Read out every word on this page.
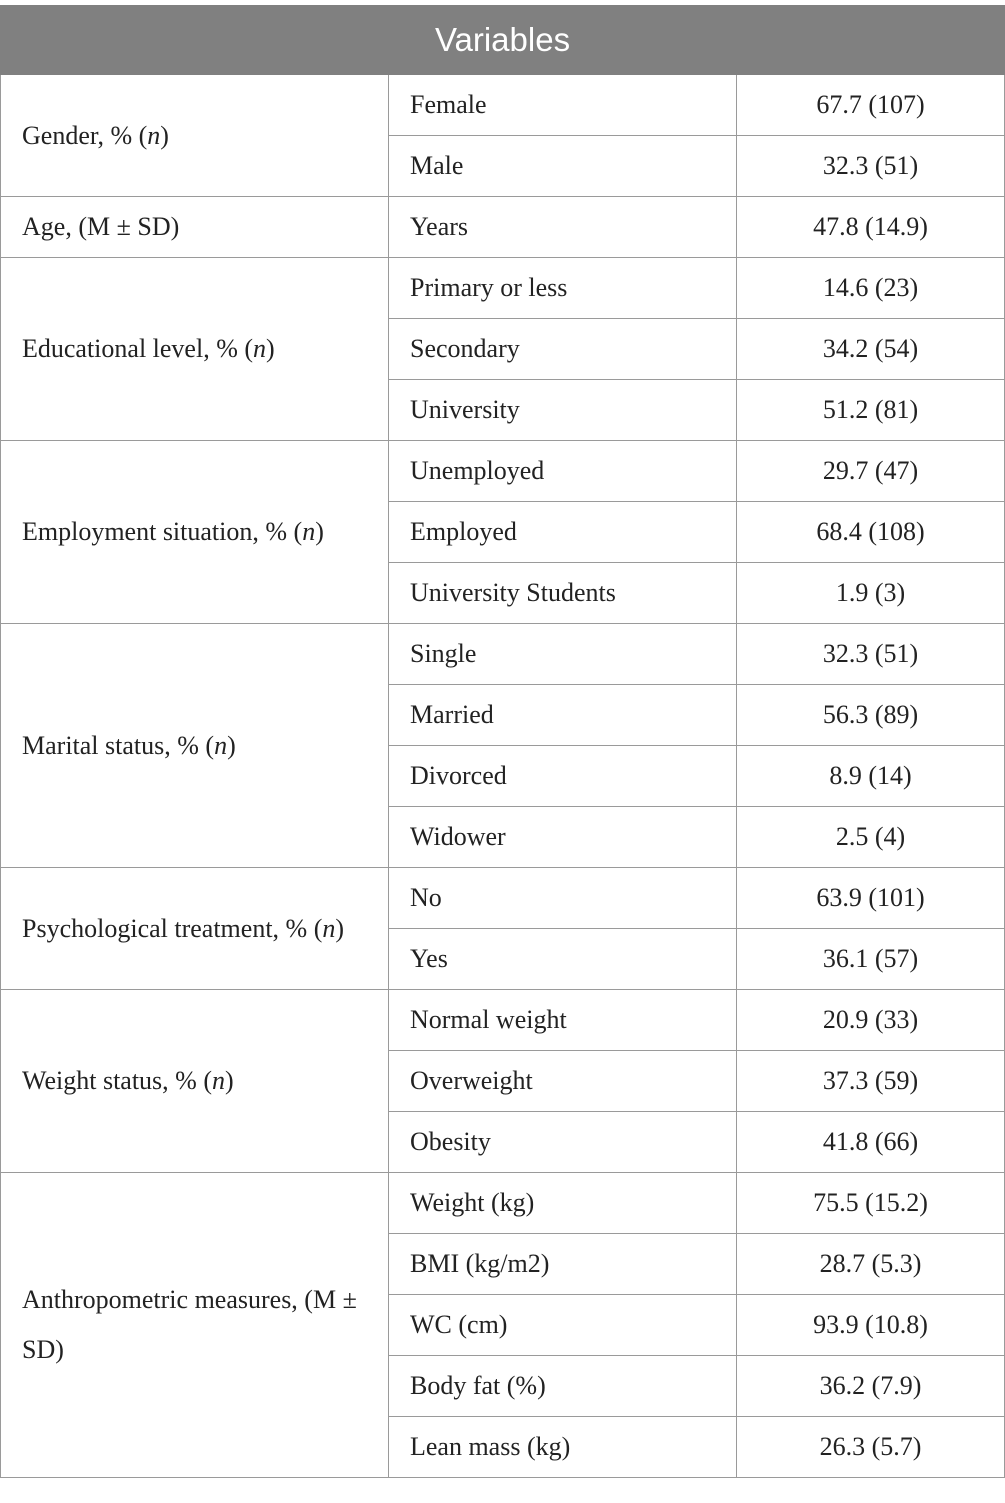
Variables		
Gender, % (n)	Female	67.7 (107)
	Male	32.3 (51)
Age, (M ± SD)	Years	47.8 (14.9)
Educational level, % (n)	Primary or less	14.6 (23)
	Secondary	34.2 (54)
	University	51.2 (81)
Employment situation, % (n)	Unemployed	29.7 (47)
	Employed	68.4 (108)
	University Students	1.9 (3)
Marital status, % (n)	Single	32.3 (51)
	Married	56.3 (89)
	Divorced	8.9 (14)
	Widower	2.5 (4)
Psychological treatment, % (n)	No	63.9 (101)
	Yes	36.1 (57)
Weight status, % (n)	Normal weight	20.9 (33)
	Overweight	37.3 (59)
	Obesity	41.8 (66)
Anthropometric measures, (M ± SD)	Weight (kg)	75.5 (15.2)
	BMI (kg/m2)	28.7 (5.3)
	WC (cm)	93.9 (10.8)
	Body fat (%)	36.2 (7.9)
	Lean mass (kg)	26.3 (5.7)
